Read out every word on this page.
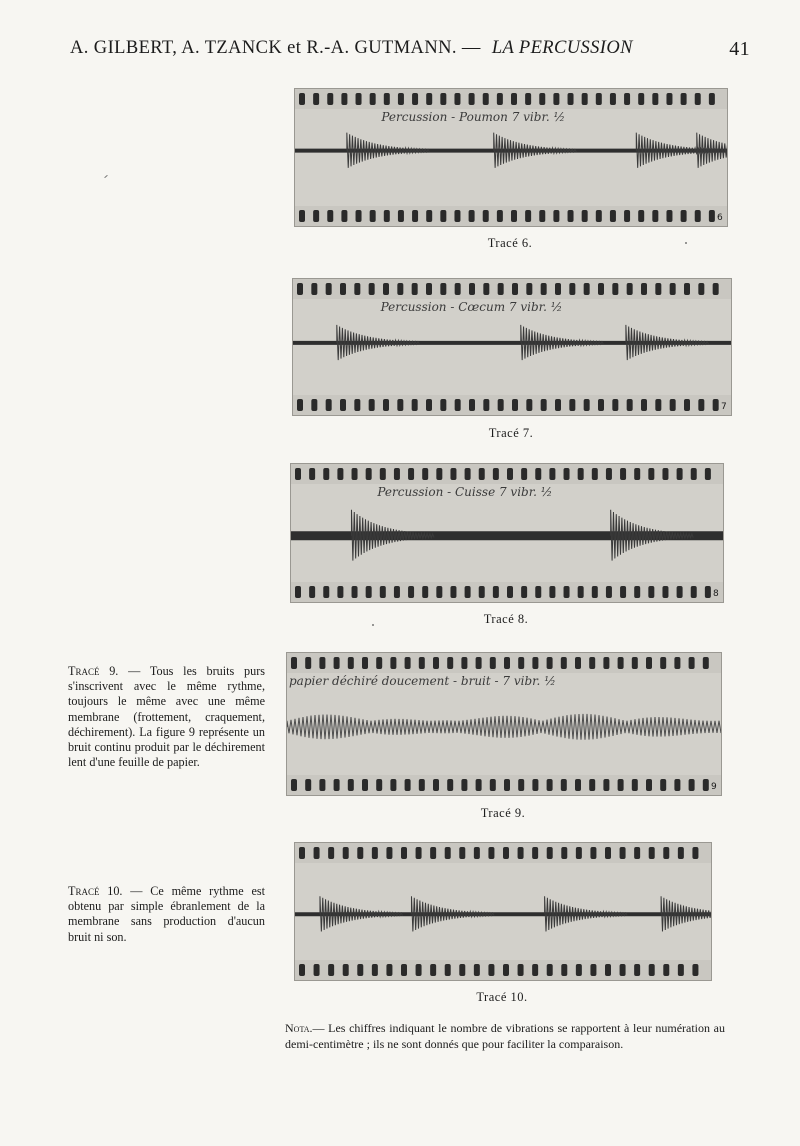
A. GILBERT, A. TZANCK et R.-A. GUTMANN. — LA PERCUSSION	41
Percussion - Poumon 7 vibr. ½
6
Tracé 6.
Percussion - Cœcum 7 vibr. ½
7
Tracé 7.
Percussion - Cuisse 7 vibr. ½
8
Tracé 8.
papier déchiré doucement - bruit - 7 vibr. ½
9
Tracé 9.
Tracé 10.
Tracé 9. — Tous les bruits purs s'inscrivent avec le même rythme, toujours le même avec une même membrane (frottement, craquement, déchirement). La figure 9 représente un bruit continu produit par le déchirement lent d'une feuille de papier.
Tracé 10. — Ce même rythme est obtenu par simple ébranlement de la membrane sans production d'aucun bruit ni son.
Nota.— Les chiffres indiquant le nombre de vibrations se rapportent à leur numération au demi-centimètre ; ils ne sont donnés que pour faciliter la comparaison.
